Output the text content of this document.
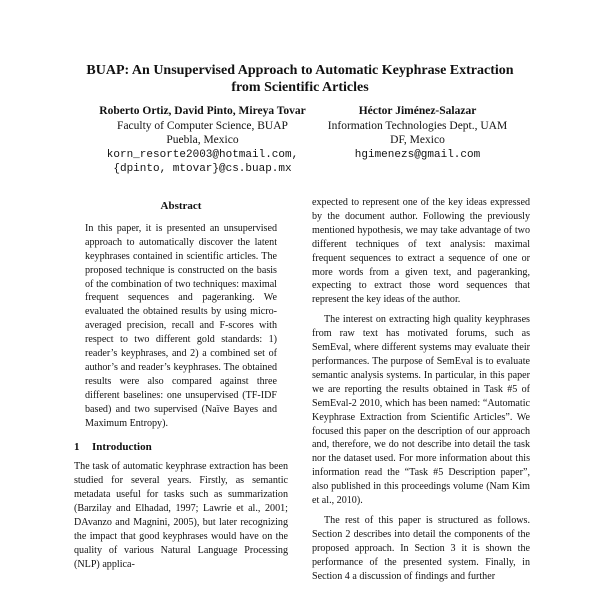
BUAP: An Unsupervised Approach to Automatic Keyphrase Extraction
from Scientific Articles
Roberto Ortiz, David Pinto, Mireya Tovar
Faculty of Computer Science, BUAP
Puebla, Mexico
korn_resorte2003@hotmail.com,
{dpinto, mtovar}@cs.buap.mx
Héctor Jiménez-Salazar
Information Technologies Dept., UAM
DF, Mexico
hgimenezs@gmail.com
Abstract
In this paper, it is presented an unsupervised approach to automatically discover the latent keyphrases contained in scientific articles. The proposed technique is constructed on the basis of the combination of two techniques: maximal frequent sequences and pageranking. We evaluated the obtained results by using micro-averaged precision, recall and F-scores with respect to two different gold standards: 1) reader’s keyphrases, and 2) a combined set of author’s and reader’s keyphrases. The obtained results were also compared against three different baselines: one unsupervised (TF-IDF based) and two supervised (Naïve Bayes and Maximum Entropy).
1 Introduction

The task of automatic keyphrase extraction has been studied for several years. Firstly, as semantic metadata useful for tasks such as summarization (Barzilay and Elhadad, 1997; Lawrie et al., 2001; DAvanzo and Magnini, 2005), but later recognizing the impact that good keyphrases would have on the quality of various Natural Language Processing (NLP) applica-

expected to represent one of the key ideas expressed by the document author. Following the previously mentioned hypothesis, we may take advantage of two different techniques of text analysis: maximal frequent sequences to extract a sequence of one or more words from a given text, and pageranking, expecting to extract those word sequences that represent the key ideas of the author.

The interest on extracting high quality keyphrases from raw text has motivated forums, such as SemEval, where different systems may evaluate their performances. The purpose of SemEval is to evaluate semantic analysis systems. In particular, in this paper we are reporting the results obtained in Task #5 of SemEval-2 2010, which has been named: “Automatic Keyphrase Extraction from Scientific Articles”. We focused this paper on the description of our approach and, therefore, we do not describe into detail the task nor the dataset used. For more information about this information read the “Task #5 Description paper”, also published in this proceedings volume (Nam Kim et al., 2010).

The rest of this paper is structured as follows. Section 2 describes into detail the components of the proposed approach. In Section 3 it is shown the performance of the presented system. Finally, in Section 4 a discussion of findings and further
